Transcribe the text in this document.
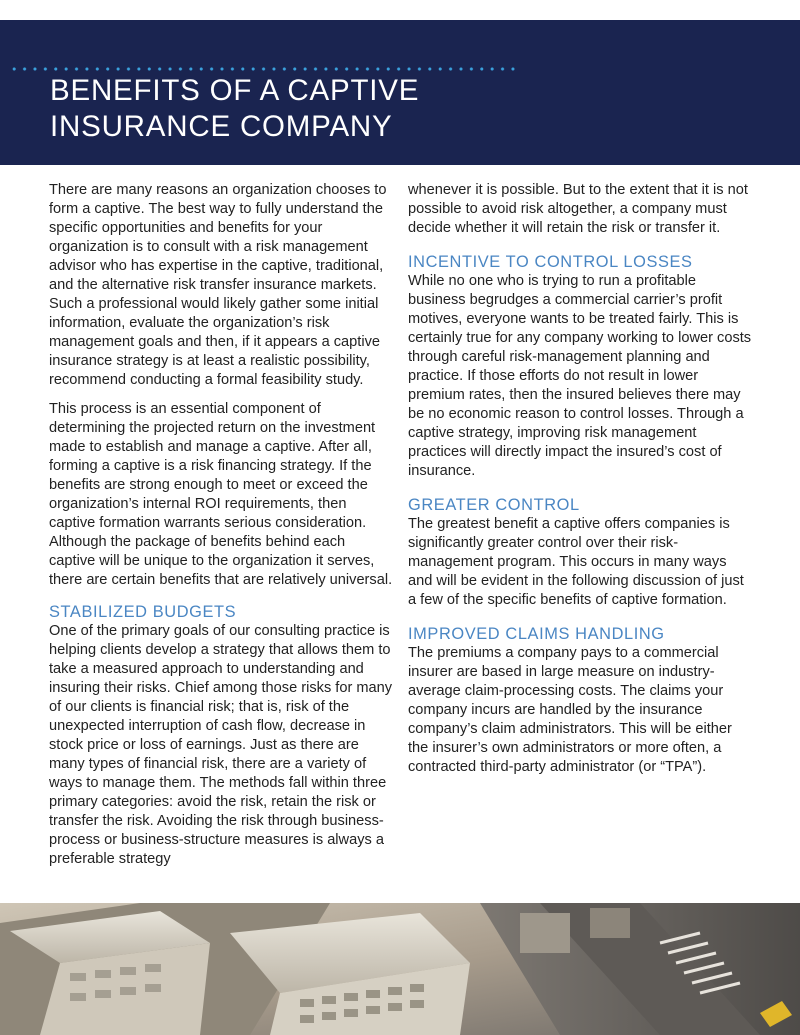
BENEFITS OF A CAPTIVE
INSURANCE COMPANY

There are many reasons an organization chooses to form a captive. The best way to fully understand the specific opportunities and benefits for your organization is to consult with a risk management advisor who has expertise in the captive, traditional, and the alternative risk transfer insurance markets. Such a professional would likely gather some initial information, evaluate the organization’s risk management goals and then, if it appears a captive insurance strategy is at least a realistic possibility, recommend conducting a formal feasibility study.

This process is an essential component of determining the projected return on the investment made to establish and manage a captive. After all, forming a captive is a risk financing strategy. If the benefits are strong enough to meet or exceed the organization’s internal ROI requirements, then captive formation warrants serious consideration. Although the package of benefits behind each captive will be unique to the organization it serves, there are certain benefits that are relatively universal.

STABILIZED BUDGETS

One of the primary goals of our consulting practice is helping clients develop a strategy that allows them to take a measured approach to understanding and insuring their risks. Chief among those risks for many of our clients is financial risk; that is, risk of the unexpected interruption of cash flow, decrease in stock price or loss of earnings. Just as there are many types of financial risk, there are a variety of ways to manage them. The methods fall within three primary categories: avoid the risk, retain the risk or transfer the risk. Avoiding the risk through business-process or business-structure measures is always a preferable strategy

whenever it is possible. But to the extent that it is not possible to avoid risk altogether, a company must decide whether it will retain the risk or transfer it.

INCENTIVE TO CONTROL LOSSES

While no one who is trying to run a profitable business begrudges a commercial carrier’s profit motives, everyone wants to be treated fairly. This is certainly true for any company working to lower costs through careful risk-management planning and practice. If those efforts do not result in lower premium rates, then the insured believes there may be no economic reason to control losses. Through a captive strategy, improving risk management practices will directly impact the insured’s cost of insurance.

GREATER CONTROL

The greatest benefit a captive offers companies is significantly greater control over their risk-management program. This occurs in many ways and will be evident in the following discussion of just a few of the specific benefits of captive formation.

IMPROVED CLAIMS HANDLING

The premiums a company pays to a commercial insurer are based in large measure on industry-average claim-processing costs. The claims your company incurs are handled by the insurance company’s claim administrators. This will be either the insurer’s own administrators or more often, a contracted third-party administrator (or “TPA”).
